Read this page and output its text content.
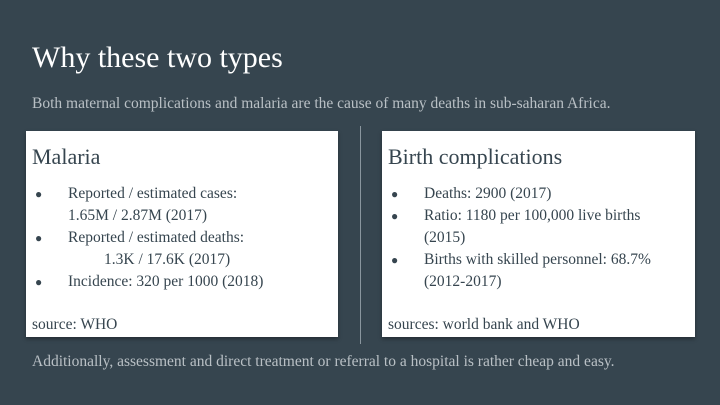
Why these two types

Both maternal complications and malaria are the cause of many deaths in sub-saharan Africa.

Malaria
● Reported / estimated cases:
1.65M / 2.87M (2017)
● Reported / estimated deaths:
1.3K / 17.6K (2017)
● Incidence: 320 per 1000 (2018)

source: WHO

Birth complications
● Deaths: 2900 (2017)
● Ratio: 1180 per 100,000 live births
(2015)
● Births with skilled personnel: 68.7%
(2012-2017)

sources: world bank and WHO

Additionally, assessment and direct treatment or referral to a hospital is rather cheap and easy.
